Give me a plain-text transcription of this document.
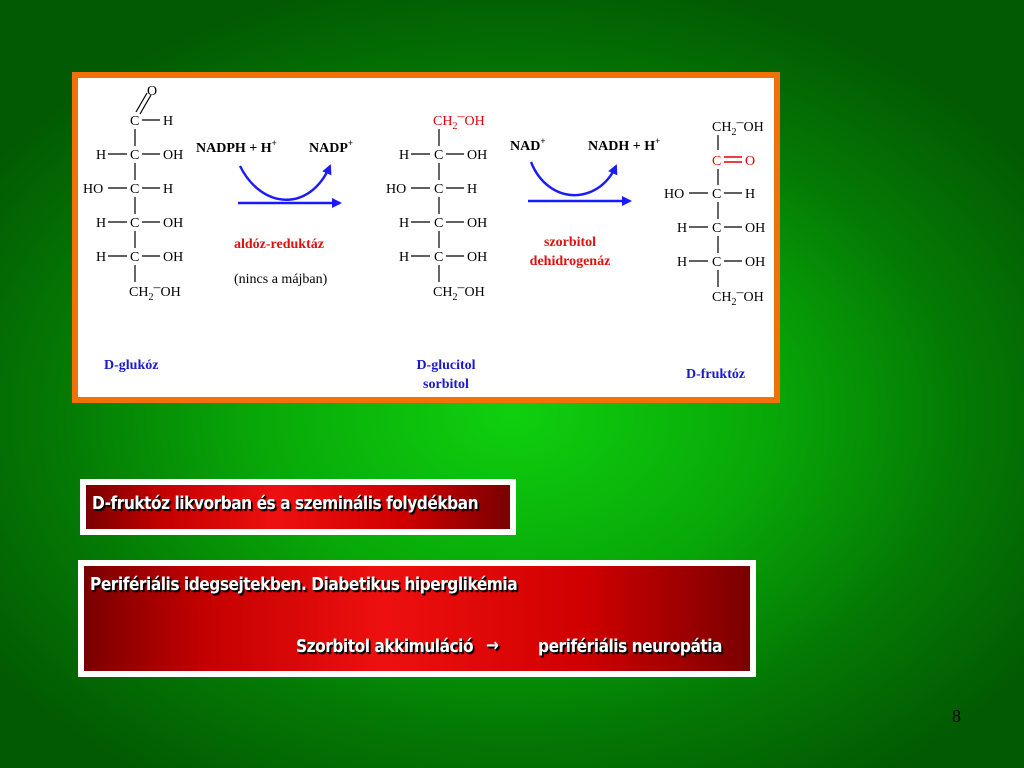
O
C H
H C OH
HO C H
H C OH
H C OH
$CH_2-OH$
NADPH + H+ NADP+
aldóz-reduktáz
(nincs a májban)
$CH_2-OH$
H C OH
HO C H
H C OH
H C OH
$CH_2-OH$
NAD+	NADH + H+
szorbitol
dehidrogenáz
$CH_2-OH$
C O
HO C H
H C OH
H C OH
$CH_2-OH$
D-glukóz	D-glucitol
sorbitol
D-fruktóz
D-fruktóz likvorban és a szeminális folydékban
Perifériális idegsejtekben. Diabetikus hiperglikémia
Szorbitol akkimuláció → perifériális neuropátia
8
